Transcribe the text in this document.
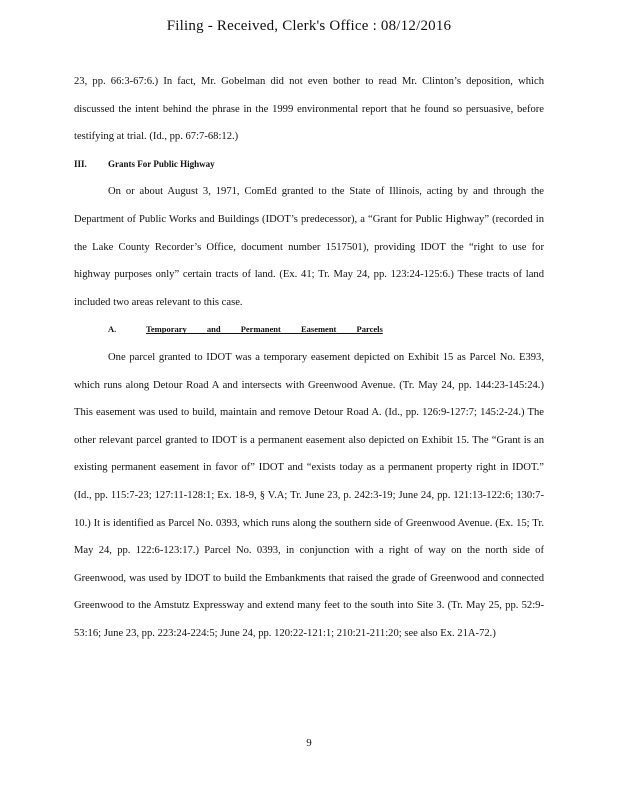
Filing - Received, Clerk's Office : 08/12/2016

23, pp. 66:3-67:6.) In fact, Mr. Gobelman did not even bother to read Mr. Clinton’s deposition, which discussed the intent behind the phrase in the 1999 environmental report that he found so persuasive, before testifying at trial. (Id., pp. 67:7-68:12.)

III. Grants For Public Highway

On or about August 3, 1971, ComEd granted to the State of Illinois, acting by and through the Department of Public Works and Buildings (IDOT’s predecessor), a “Grant for Public Highway” (recorded in the Lake County Recorder’s Office, document number 1517501), providing IDOT the “right to use for highway purposes only” certain tracts of land. (Ex. 41; Tr. May 24, pp. 123:24-125:6.) These tracts of land included two areas relevant to this case.

A.	Temporary and Permanent Easement Parcels

One parcel granted to IDOT was a temporary easement depicted on Exhibit 15 as Parcel No. E393, which runs along Detour Road A and intersects with Greenwood Avenue. (Tr. May 24, pp. 144:23-145:24.) This easement was used to build, maintain and remove Detour Road A. (Id., pp. 126:9-127:7; 145:2-24.) The other relevant parcel granted to IDOT is a permanent easement also depicted on Exhibit 15. The “Grant is an existing permanent easement in favor of” IDOT and “exists today as a permanent property right in IDOT.” (Id., pp. 115:7-23; 127:11-128:1; Ex. 18-9, § V.A; Tr. June 23, p. 242:3-19; June 24, pp. 121:13-122:6; 130:7-10.) It is identified as Parcel No. 0393, which runs along the southern side of Greenwood Avenue. (Ex. 15; Tr. May 24, pp. 122:6-123:17.) Parcel No. 0393, in conjunction with a right of way on the north side of Greenwood, was used by IDOT to build the Embankments that raised the grade of Greenwood and connected Greenwood to the Amstutz Expressway and extend many feet to the south into Site 3. (Tr. May 25, pp. 52:9-53:16; June 23, pp. 223:24-224:5; June 24, pp. 120:22-121:1; 210:21-211:20; see also Ex. 21A-72.)

9
